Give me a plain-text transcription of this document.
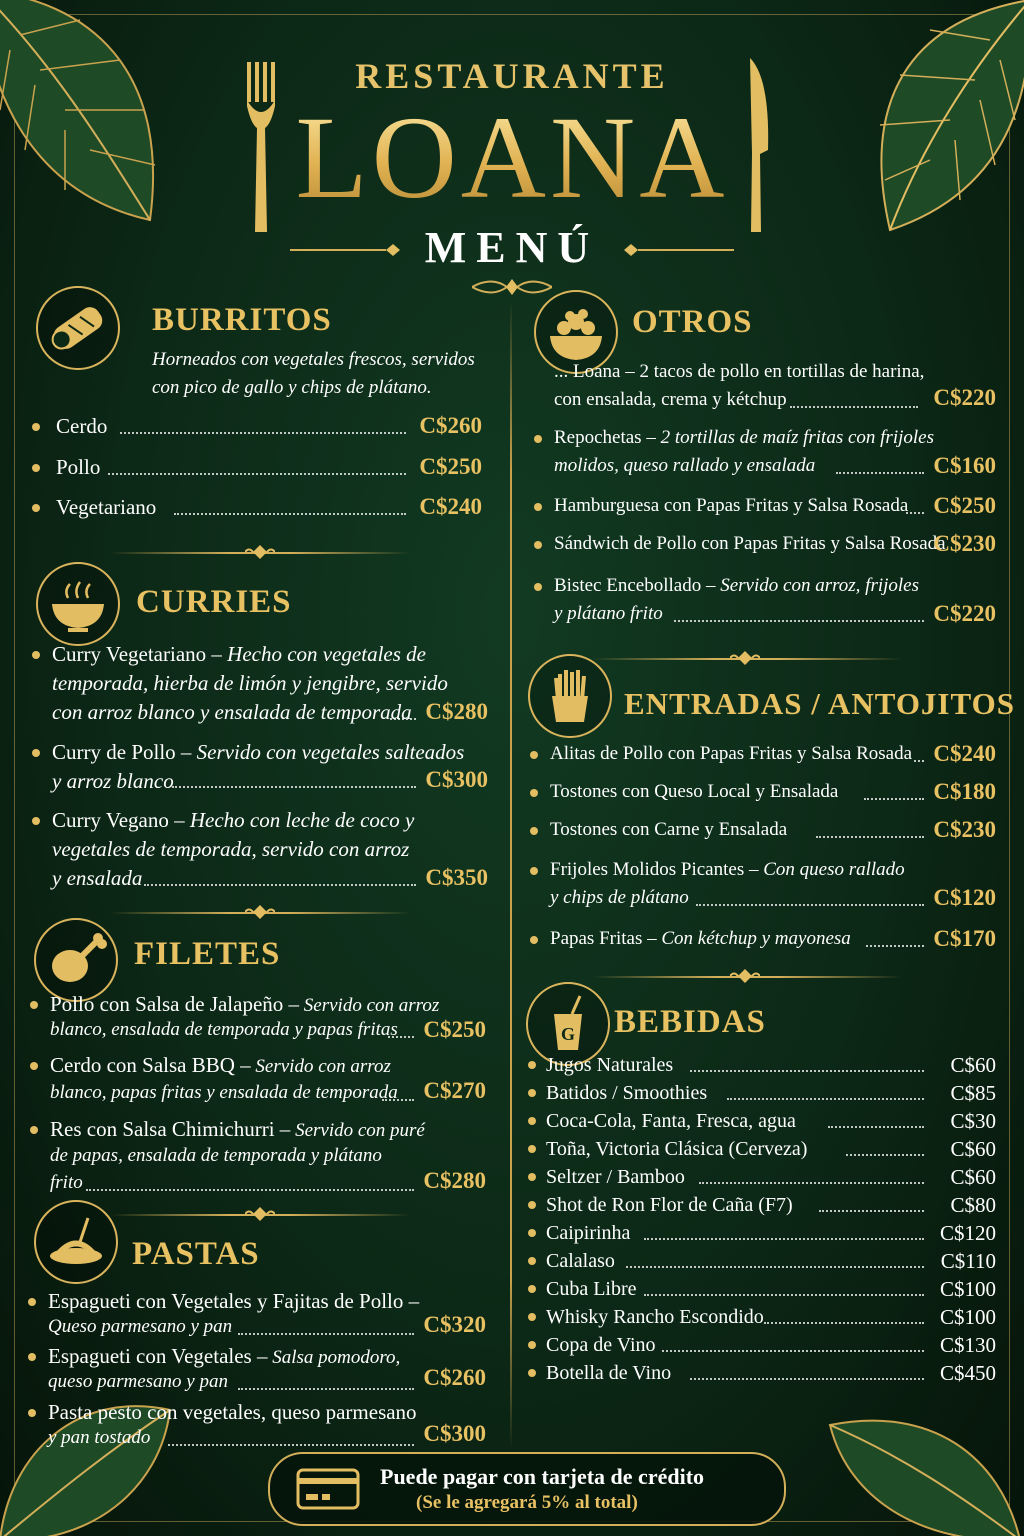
RESTAURANTE
LOANA
MENÚ
BURRITOS
Horneados con vegetales frescos, servidos
con pico de gallo y chips de plátano.
Cerdo	C$260
Pollo	C$250
Vegetariano	C$240
CURRIES
Curry Vegetariano – Hecho con vegetales de
temporada, hierba de limón y jengibre, servido
con arroz blanco y ensalada de temporada C$280
Curry de Pollo – Servido con vegetales salteados
y arroz blanco	C$300
Curry Vegano – Hecho con leche de coco y
vegetales de temporada, servido con arroz
y ensalada	C$350
FILETES
Pollo con Salsa de Jalapeño – Servido con arroz
blanco, ensalada de temporada y papas fritas C$250
Cerdo con Salsa BBQ – Servido con arroz
blanco, papas fritas y ensalada de temporada C$270
Res con Salsa Chimichurri – Servido con puré
de papas, ensalada de temporada y plátano
frito	C$280
PASTAS
Espagueti con Vegetales y Fajitas de Pollo –
Queso parmesano y pan	C$320
Espagueti con Vegetales – Salsa pomodoro,
queso parmesano y pan	C$260
Pasta pesto con vegetales, queso parmesano
y pan tostado	C$300
OTROS
... Loana – 2 tacos de pollo en tortillas de harina,
con ensalada, crema y kétchup	C$220
Repochetas – 2 tortillas de maíz fritas con frijoles
molidos, queso rallado y ensalada	C$160
Hamburguesa con Papas Fritas y Salsa Rosada C$250
Sándwich de Pollo con Papas Fritas y Salsa Rosada
C$230
Bistec Encebollado – Servido con arroz, frijoles
y plátano frito	C$220
ENTRADAS / ANTOJITOS
Alitas de Pollo con Papas Fritas y Salsa Rosada C$240
Tostones con Queso Local y Ensalada	C$180
Tostones con Carne y Ensalada	C$230
Frijoles Molidos Picantes – Con queso rallado
y chips de plátano	C$120
Papas Fritas – Con kétchup y mayonesa	C$170
G BEBIDAS
Jugos Naturales	C$60
Batidos / Smoothies	C$85
Coca-Cola, Fanta, Fresca, agua	C$30
Toña, Victoria Clásica (Cerveza)	C$60
Seltzer / Bamboo	C$60
Shot de Ron Flor de Caña (F7)	C$80
Caipirinha	C$120
Calalaso	C$110
Cuba Libre	C$100
Whisky Rancho Escondido	C$100
Copa de Vino	C$130
Botella de Vino	C$450
Puede pagar con tarjeta de crédito
(Se le agregará 5% al total)
